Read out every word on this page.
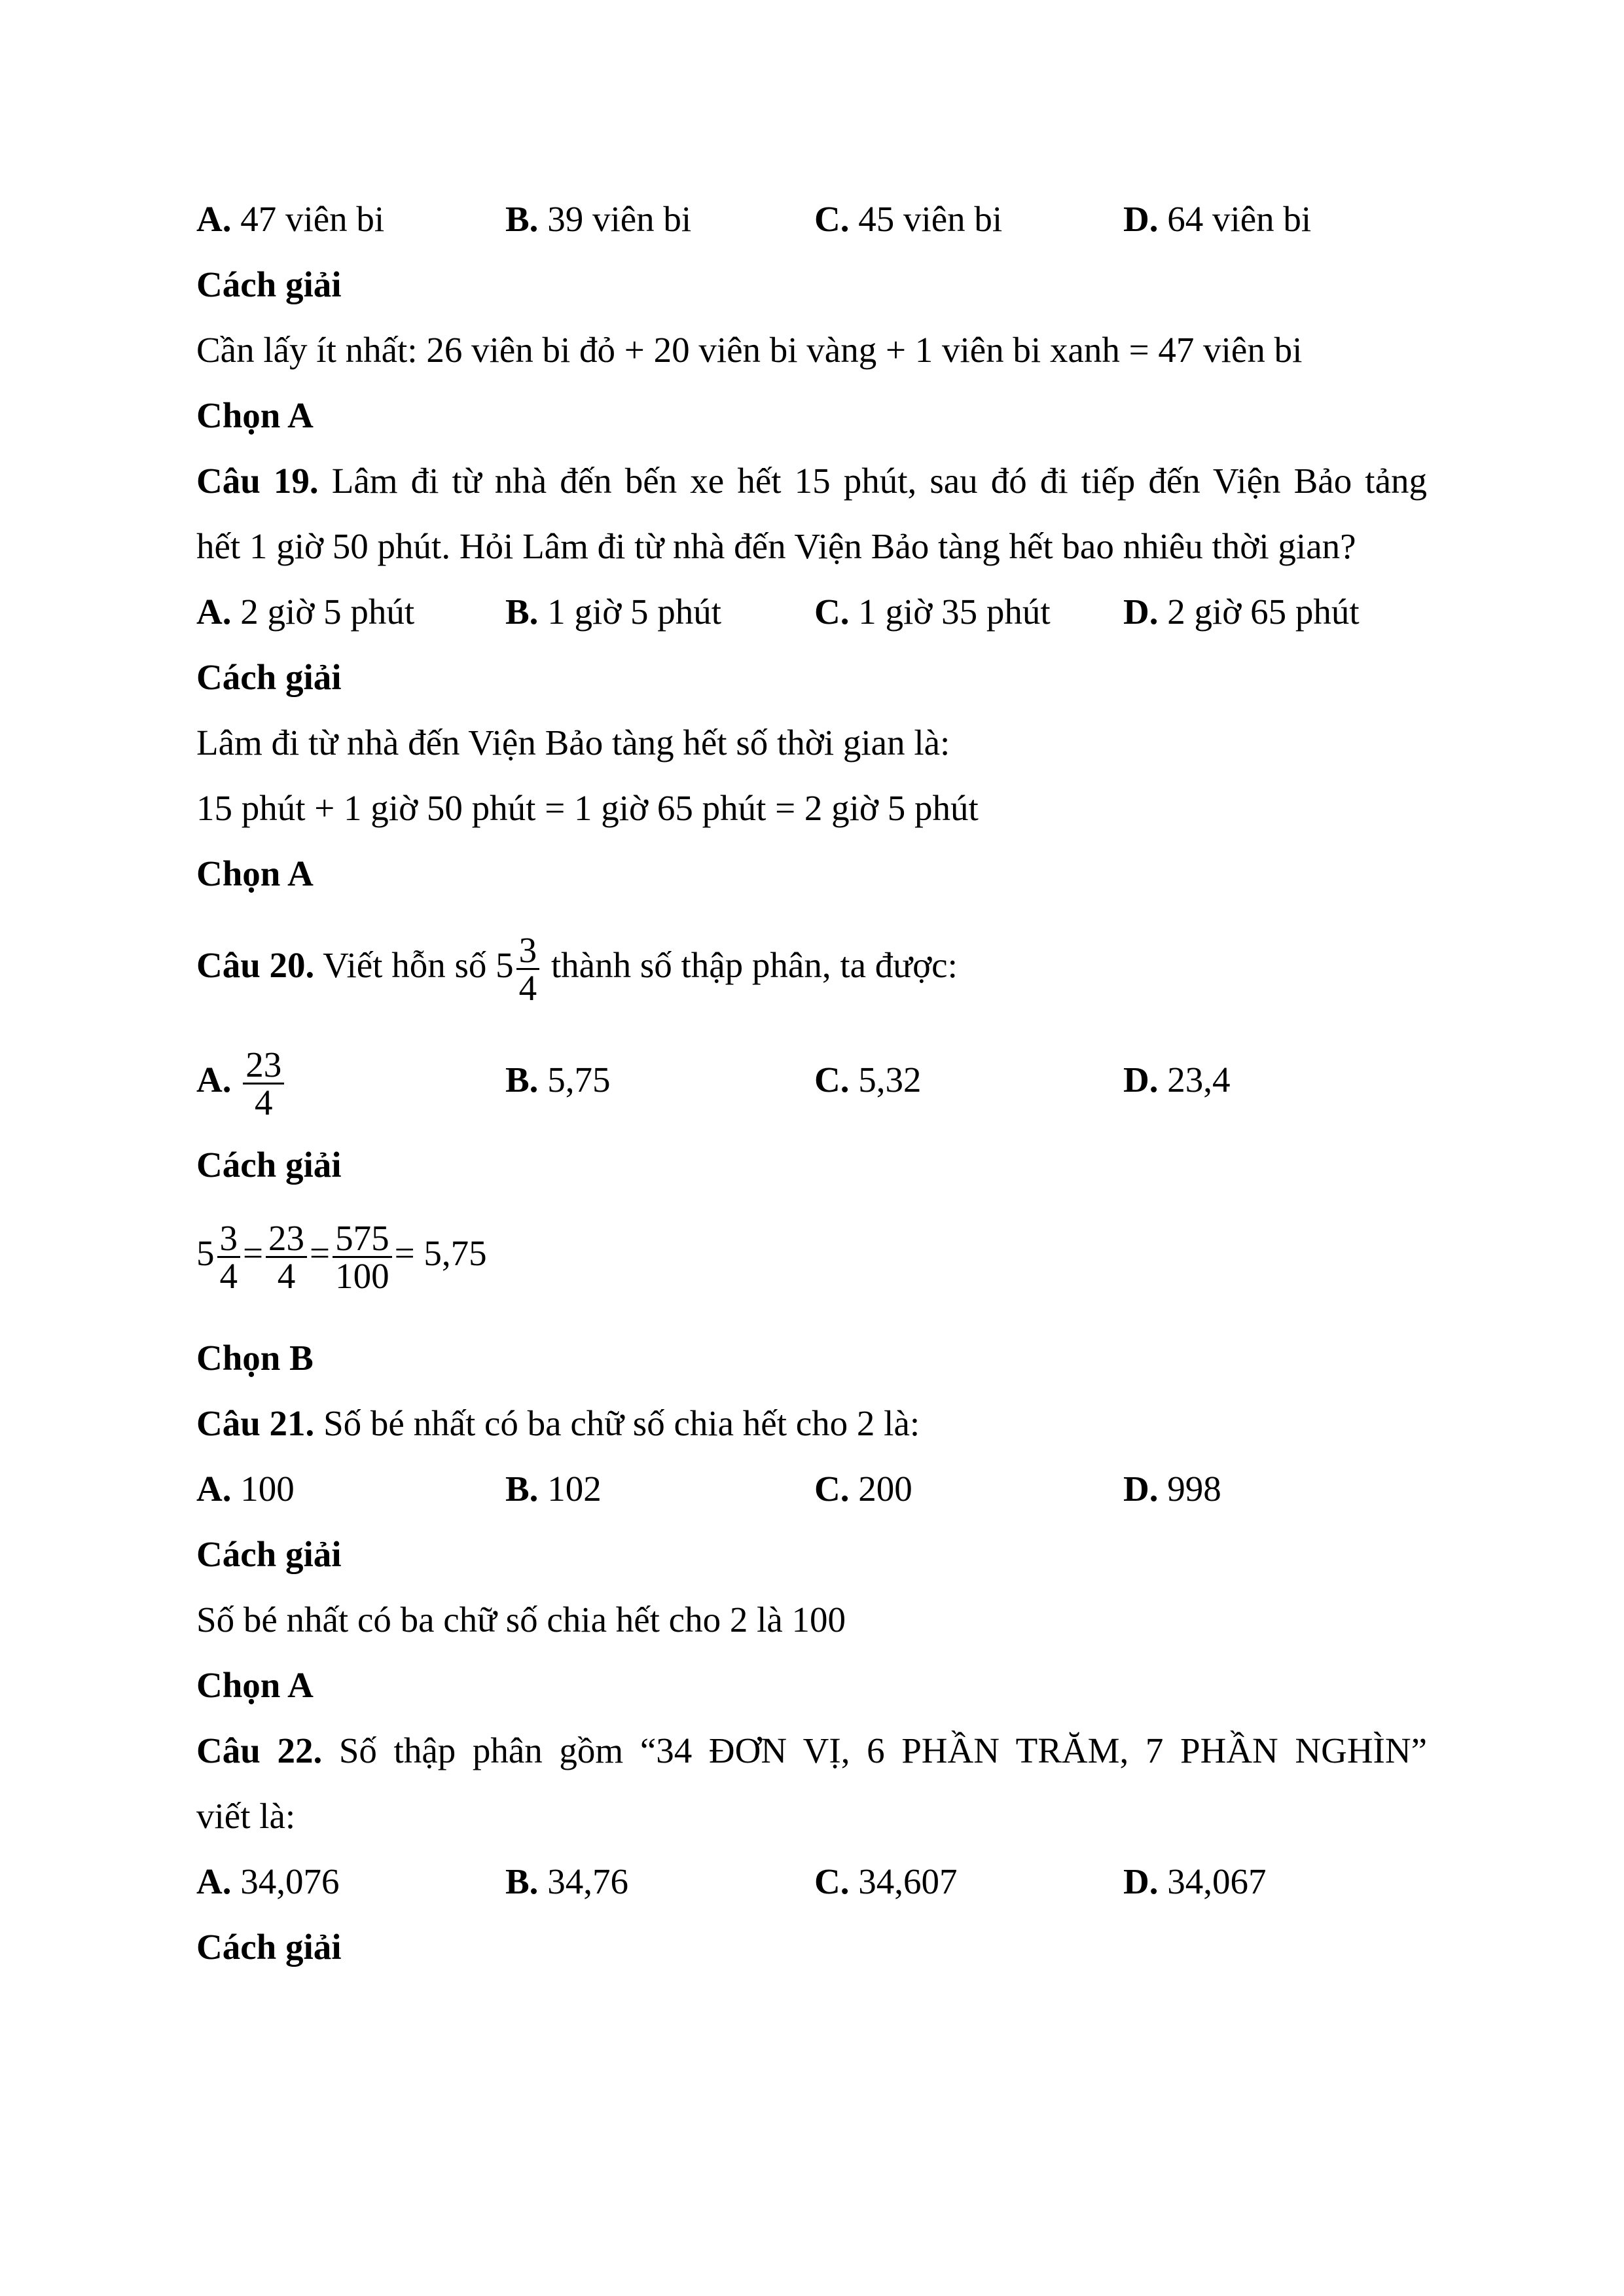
A. 47 viên bi	B. 39 viên bi	C. 45 viên bi	D. 64 viên bi
Cách giải
Cần lấy ít nhất: 26 viên bi đỏ + 20 viên bi vàng + 1 viên bi xanh = 47 viên bi
Chọn A
Câu 19. Lâm đi từ nhà đến bến xe hết 15 phút, sau đó đi tiếp đến Viện Bảo tảng
hết 1 giờ 50 phút. Hỏi Lâm đi từ nhà đến Viện Bảo tàng hết bao nhiêu thời gian?
A. 2 giờ 5 phút	B. 1 giờ 5 phút	C. 1 giờ 35 phút D. 2 giờ 65 phút
Cách giải
Lâm đi từ nhà đến Viện Bảo tàng hết số thời gian là:
15 phút + 1 giờ 50 phút = 1 giờ 65 phút = 2 giờ 5 phút
Chọn A
Câu 20. Viết hỗn số $5 \frac{3}{4}$ thành số thập phân, ta được:
A. $\frac{23}{4}$	B. 5,75	C. 5,32	D. 23,4
Cách giải
$5 \frac{3}{4} = \frac{23}{4} = \frac{575}{100} = 5,75$
Chọn B
Câu 21. Số bé nhất có ba chữ số chia hết cho 2 là:
A. 100	B. 102	C. 200	D. 998
Cách giải
Số bé nhất có ba chữ số chia hết cho 2 là 100
Chọn A
Câu 22. Số thập phân gồm “34 ĐƠN VỊ, 6 PHẦN TRĂM, 7 PHẦN NGHÌN”
viết là:
A. 34,076	B. 34,76	C. 34,607	D. 34,067
Cách giải
